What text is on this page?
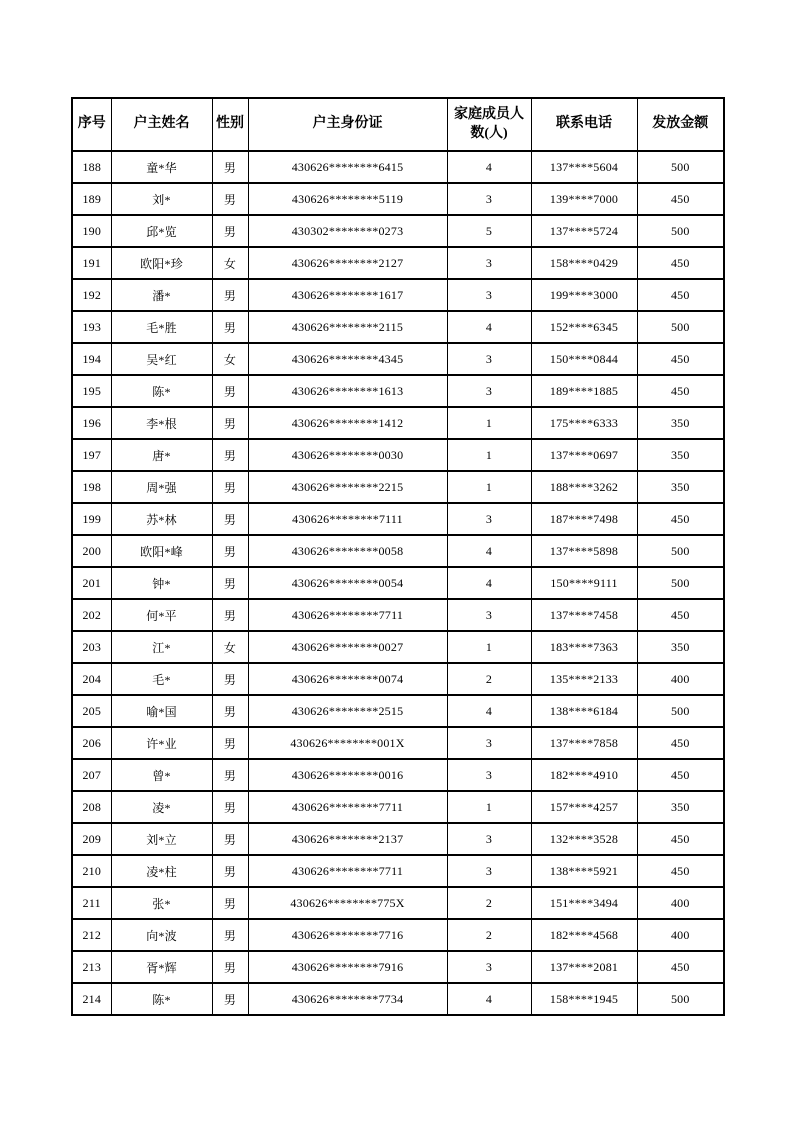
序号	户主姓名	性别	户主身份证	家庭成员人数(人)	联系电话	发放金额
188	童*华	男	430626********6415	4	137****5604	500
189	刘*	男	430626********5119	3	139****7000	450
190	邱*览	男	430302********0273	5	137****5724	500
191	欧阳*珍	女	430626********2127	3	158****0429	450
192	潘*	男	430626********1617	3	199****3000	450
193	毛*胜	男	430626********2115	4	152****6345	500
194	吴*红	女	430626********4345	3	150****0844	450
195	陈*	男	430626********1613	3	189****1885	450
196	李*根	男	430626********1412	1	175****6333	350
197	唐*	男	430626********0030	1	137****0697	350
198	周*强	男	430626********2215	1	188****3262	350
199	苏*林	男	430626********7111	3	187****7498	450
200	欧阳*峰	男	430626********0058	4	137****5898	500
201	钟*	男	430626********0054	4	150****9111	500
202	何*平	男	430626********7711	3	137****7458	450
203	江*	女	430626********0027	1	183****7363	350
204	毛*	男	430626********0074	2	135****2133	400
205	喻*国	男	430626********2515	4	138****6184	500
206	许*业	男	430626********001X	3	137****7858	450
207	曾*	男	430626********0016	3	182****4910	450
208	凌*	男	430626********7711	1	157****4257	350
209	刘*立	男	430626********2137	3	132****3528	450
210	凌*柱	男	430626********7711	3	138****5921	450
211	张*	男	430626********775X	2	151****3494	400
212	向*波	男	430626********7716	2	182****4568	400
213	胥*辉	男	430626********7916	3	137****2081	450
214	陈*	男	430626********7734	4	158****1945	500
